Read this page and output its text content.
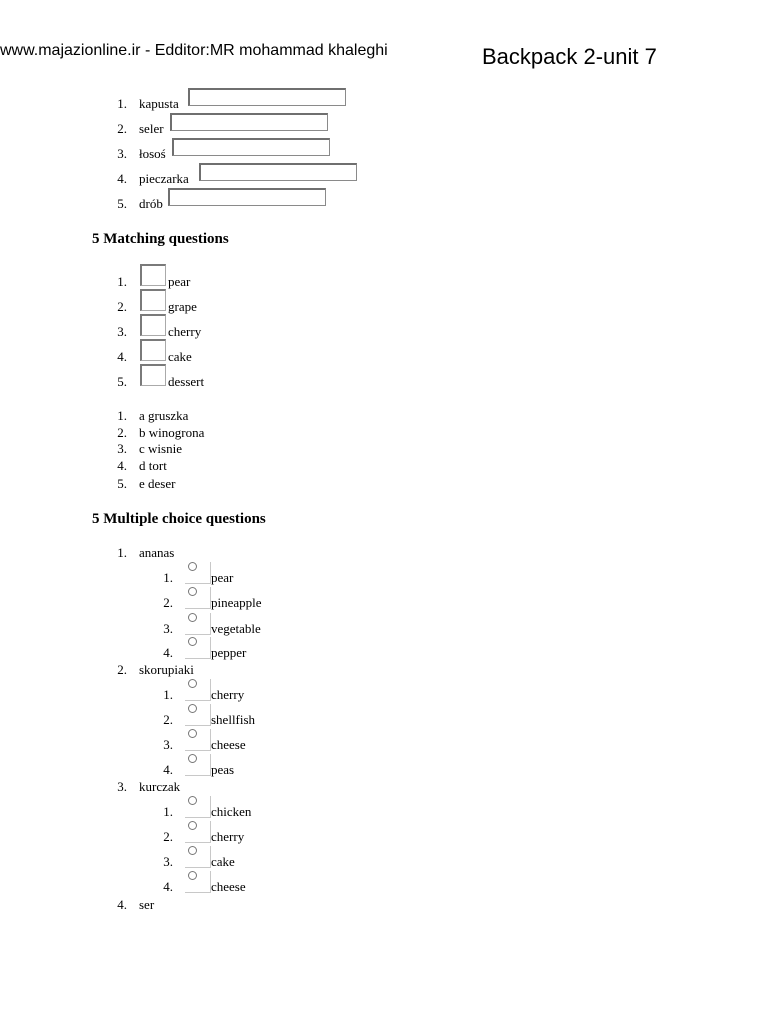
www.majazionline.ir - Edditor:MR mohammad khaleghi	Backpack 2-unit 7
1. kapusta
2. seler
3. łosoś
4. pieczarka
5. drób
5 Matching questions
1.	pear
2.	grape
3.	cherry
4.	cake
5.	dessert
1. a gruszka
2. b winogrona
3. c wisnie
4. d tort
5. e deser
5 Multiple choice questions
1. ananas
1.	pear
2.	pineapple
3.	vegetable
4.	pepper
2. skorupiaki
1.	cherry
2.	shellfish
3.	cheese
4.	peas
3. kurczak
1.	chicken
2.	cherry
3.	cake
4.	cheese
4. ser
